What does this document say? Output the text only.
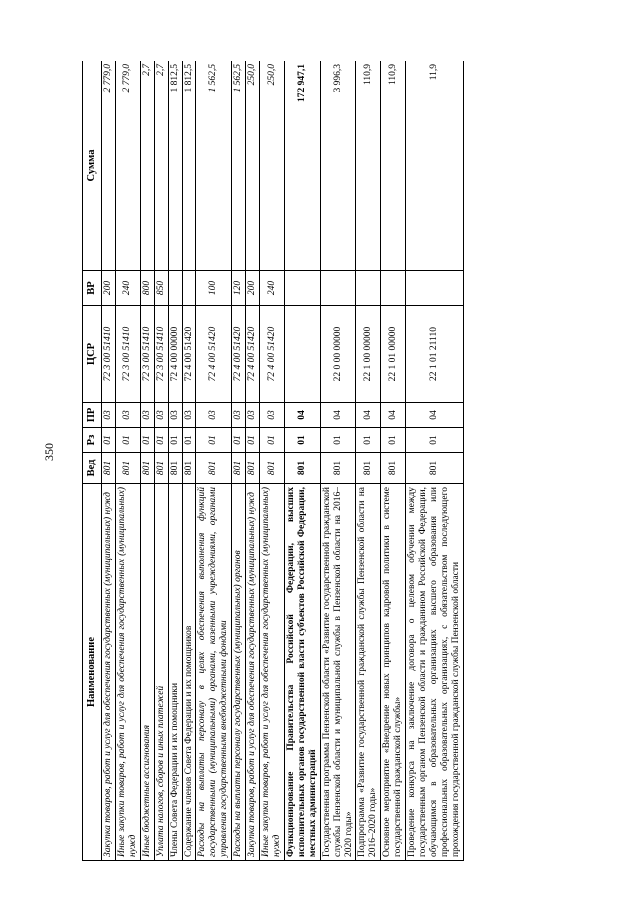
350
Наименование	Вед	Рз	ПР	ЦСР	ВР	Сумма
Закупка товаров, работ и услуг для обеспечения государственных (муниципальных) нужд	801	01	03	72 3 00 51410	200	2 779,0
Иные закупки товаров, работ и услуг для обеспечения государственных (муниципальных) нужд	801	01	03	72 3 00 51410	240	2 779,0
Иные бюджетные ассигнования	801	01	03	72 3 00 51410	800	2,7
Уплата налогов, сборов и иных платежей	801	01	03	72 3 00 51410	850	2,7
Члены Совета Федерации и их помощники	801	01	03	72 4 00 00000		1 812,5
Содержание членов Совета Федерации и их помощников	801	01	03	72 4 00 51420		1 812,5
Расходы на выплаты персоналу в целях обеспечения выполнения функций государственными (муниципальными) органами, казенными учреждениями, органами управления государственными внебюджетными фондами	801	01	03	72 4 00 51420	100	1 562,5
Расходы на выплаты персоналу государственных (муниципальных) органов	801	01	03	72 4 00 51420	120	1 562,5
Закупка товаров, работ и услуг для обеспечения государственных (муниципальных) нужд	801	01	03	72 4 00 51420	200	250,0
Иные закупки товаров, работ и услуг для обеспечения государственных (муниципальных) нужд	801	01	03	72 4 00 51420	240	250,0
Функционирование Правительства Российской Федерации, высших исполнительных органов государственной власти субъектов Российской Федерации, местных администраций	801	01	04			172 947,1
Государственная программа Пензенской области «Развитие государственной гражданской службы Пензенской области и муниципальной службы в Пензенской области на 2016–2020 годы»	801	01	04	22 0 00 00000		3 996,3
Подпрограмма «Развитие государственной гражданской службы Пензенской области на 2016–2020 годы»	801	01	04	22 1 00 00000		110,9
Основное мероприятие «Внедрение новых принципов кадровой политики в системе государственной гражданской службы»	801	01	04	22 1 01 00000		110,9
Проведение конкурса на заключение договора о целевом обучении между государственным органом Пензенской области и гражданином Российской Федерации, обучающимся в образовательных организациях высшего образования или профессиональных образовательных организациях, с обязательством последующего прохождения государственной гражданской службы Пензенской области	801	01	04	22 1 01 21110		11,9
